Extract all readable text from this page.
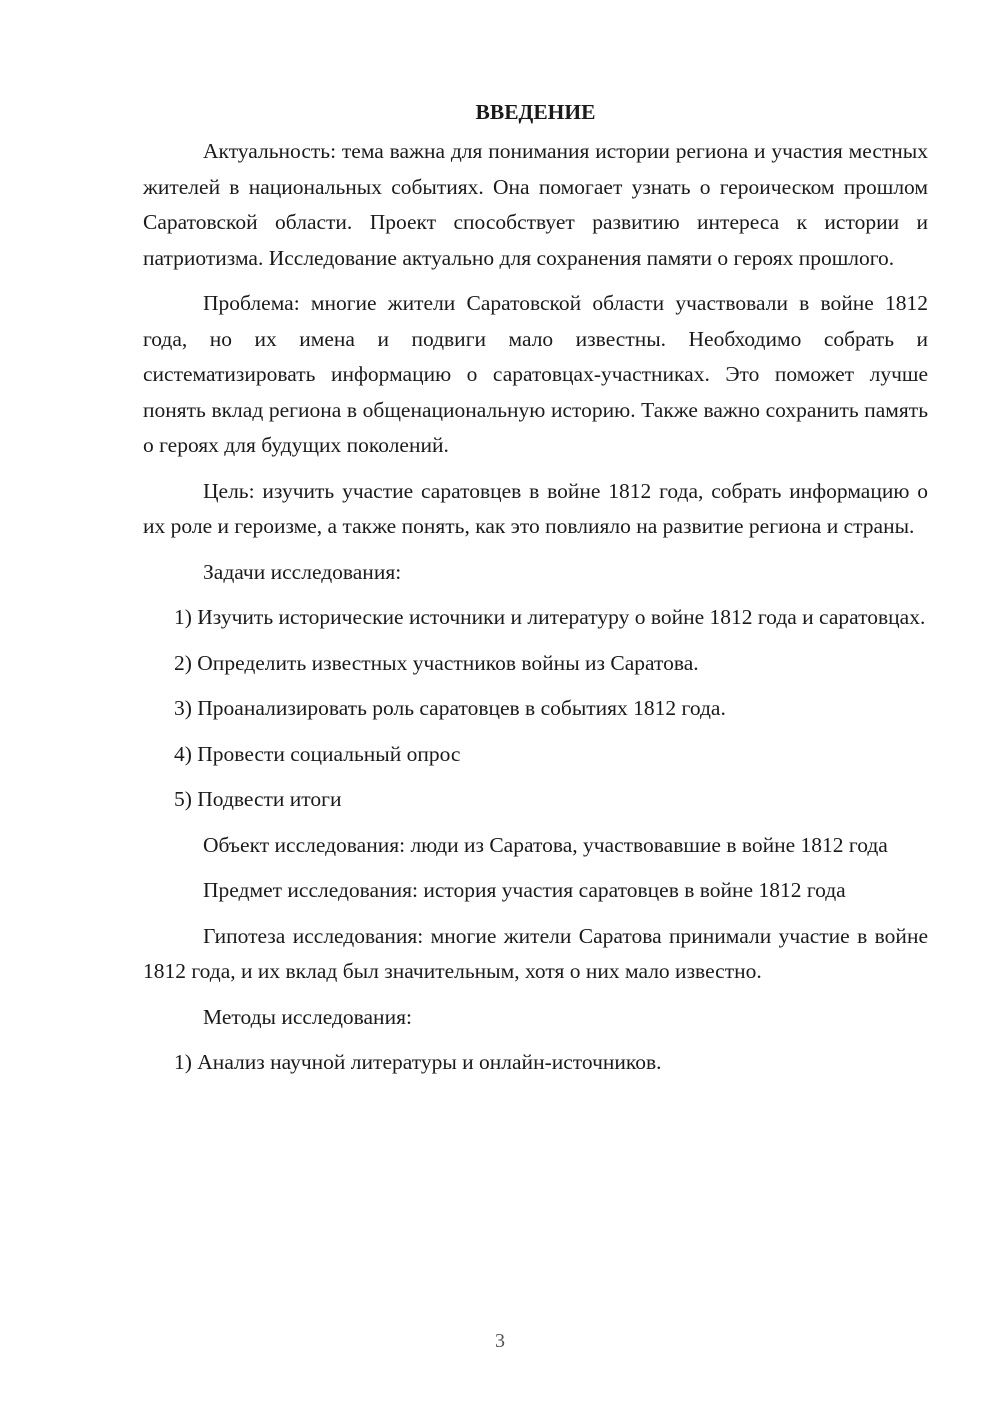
ВВЕДЕНИЕ

Актуальность: тема важна для понимания истории региона и участия местных жителей в национальных событиях. Она помогает узнать о героическом прошлом Саратовской области. Проект способствует развитию интереса к истории и патриотизма. Исследование актуально для сохранения памяти о героях прошлого.

Проблема: многие жители Саратовской области участвовали в войне 1812 года, но их имена и подвиги мало известны. Необходимо собрать и систематизировать информацию о саратовцах-участниках. Это поможет лучше понять вклад региона в общенациональную историю. Также важно сохранить память о героях для будущих поколений.

Цель: изучить участие саратовцев в войне 1812 года, собрать информацию о их роле и героизме, а также понять, как это повлияло на развитие региона и страны.

Задачи исследования:

1) Изучить исторические источники и литературу о войне 1812 года и саратовцах.

2) Определить известных участников войны из Саратова.

3) Проанализировать роль саратовцев в событиях 1812 года.

4) Провести социальный опрос

5) Подвести итоги

Объект исследования: люди из Саратова, участвовавшие в войне 1812 года

Предмет исследования: история участия саратовцев в войне 1812 года

Гипотеза исследования: многие жители Саратова принимали участие в войне 1812 года, и их вклад был значительным, хотя о них мало известно.

Методы исследования:

1) Анализ научной литературы и онлайн-источников.

3
